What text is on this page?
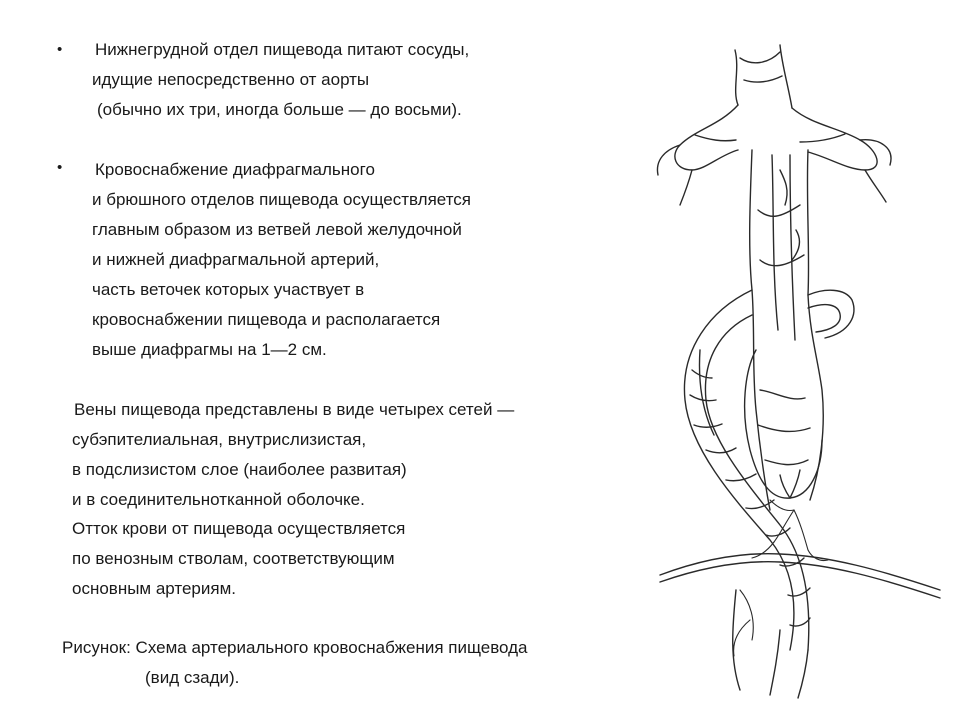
• Нижнегрудной отдел пищевода питают сосуды,
идущие непосредственно от аорты
(обычно их три, иногда больше — до восьми).
• Кровоснабжение диафрагмального
и брюшного отделов пищевода осуществляется
главным образом из ветвей левой желудочной
и нижней диафрагмальной артерий,
часть веточек которых участвует в
кровоснабжении пищевода и располагается
выше диафрагмы на 1—2 см.
Вены пищевода представлены в виде четырех сетей —
субэпителиальная, внутрислизистая,
в подслизистом слое (наиболее развитая)
и в соединительнотканной оболочке.
Отток крови от пищевода осуществляется
по венозным стволам, соответствующим
основным артериям.
Рисунок: Схема артериального кровоснабжения пищевода
(вид сзади).
